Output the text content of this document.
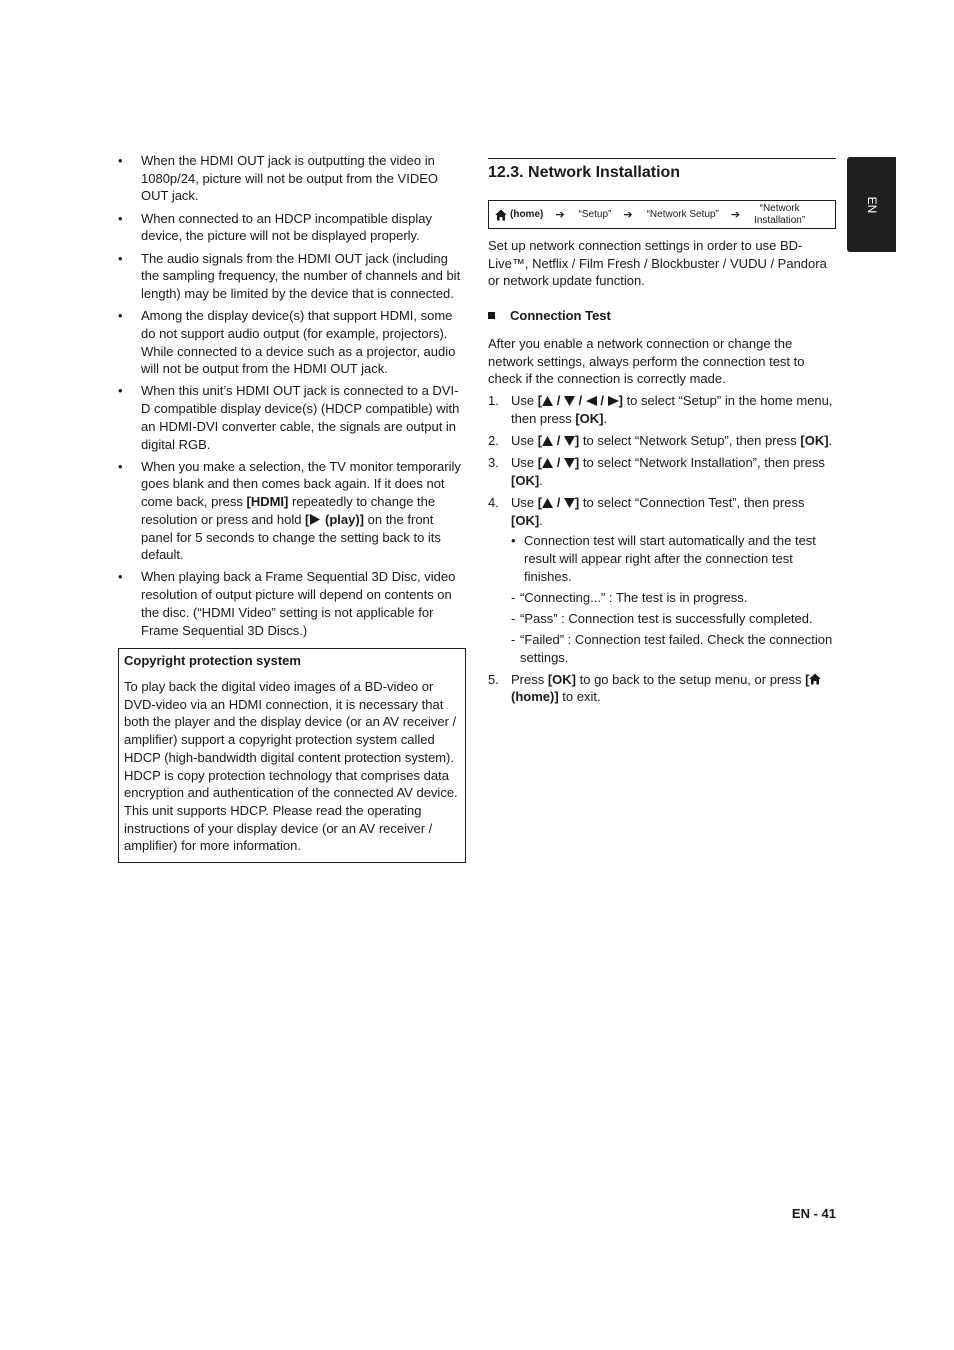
• When the HDMI OUT jack is outputting the video in 1080p/24, picture will not be output from the VIDEO OUT jack.
• When connected to an HDCP incompatible display device, the picture will not be displayed properly.
• The audio signals from the HDMI OUT jack (including the sampling frequency, the number of channels and bit length) may be limited by the device that is connected.
• Among the display device(s) that support HDMI, some do not support audio output (for example, projectors). While connected to a device such as a projector, audio will not be output from the HDMI OUT jack.
• When this unit’s HDMI OUT jack is connected to a DVI-D compatible display device(s) (HDCP compatible) with an HDMI-DVI converter cable, the signals are output in digital RGB.
• When you make a selection, the TV monitor temporarily goes blank and then comes back again. If it does not come back, press [HDMI] repeatedly to change the resolution or press and hold [ (play)] on the front panel for 5 seconds to change the setting back to its default.
• When playing back a Frame Sequential 3D Disc, video resolution of output picture will depend on contents on the disc. (“HDMI Video” setting is not applicable for Frame Sequential 3D Discs.)
Copyright protection system
To play back the digital video images of a BD-video or DVD-video via an HDMI connection, it is necessary that both the player and the display device (or an AV receiver / amplifier) support a copyright protection system called HDCP (high-bandwidth digital content protection system). HDCP is copy protection technology that comprises data encryption and authentication of the connected AV device. This unit supports HDCP. Please read the operating instructions of your display device (or an AV receiver / amplifier) for more information.
12.3. Network Installation
(home) ➔ “Setup” ➔ “Network Setup” ➔
“Network
Installation”

Set up network connection settings in order to use BD-Live™, Netflix / Film Fresh / Blockbuster / VUDU / Pandora or network update function.

Connection Test

After you enable a network connection or change the network settings, always perform the connection test to check if the connection is correctly made.

1. Use [ /  /  / ] to select “Setup” in the home menu, then press [OK].
2. Use [ / ] to select “Network Setup”, then press [OK].
3. Use [ / ] to select “Network Installation”, then press [OK].
4. Use [ / ] to select “Connection Test”, then press [OK].
• Connection test will start automatically and the test result will appear right after the connection test finishes.
- “Connecting...” : The test is in progress.
- “Pass” : Connection test is successfully completed.
- “Failed” : Connection test failed. Check the connection settings.
5. Press [OK] to go back to the setup menu, or press [ (home)] to exit.
EN
EN - 41
